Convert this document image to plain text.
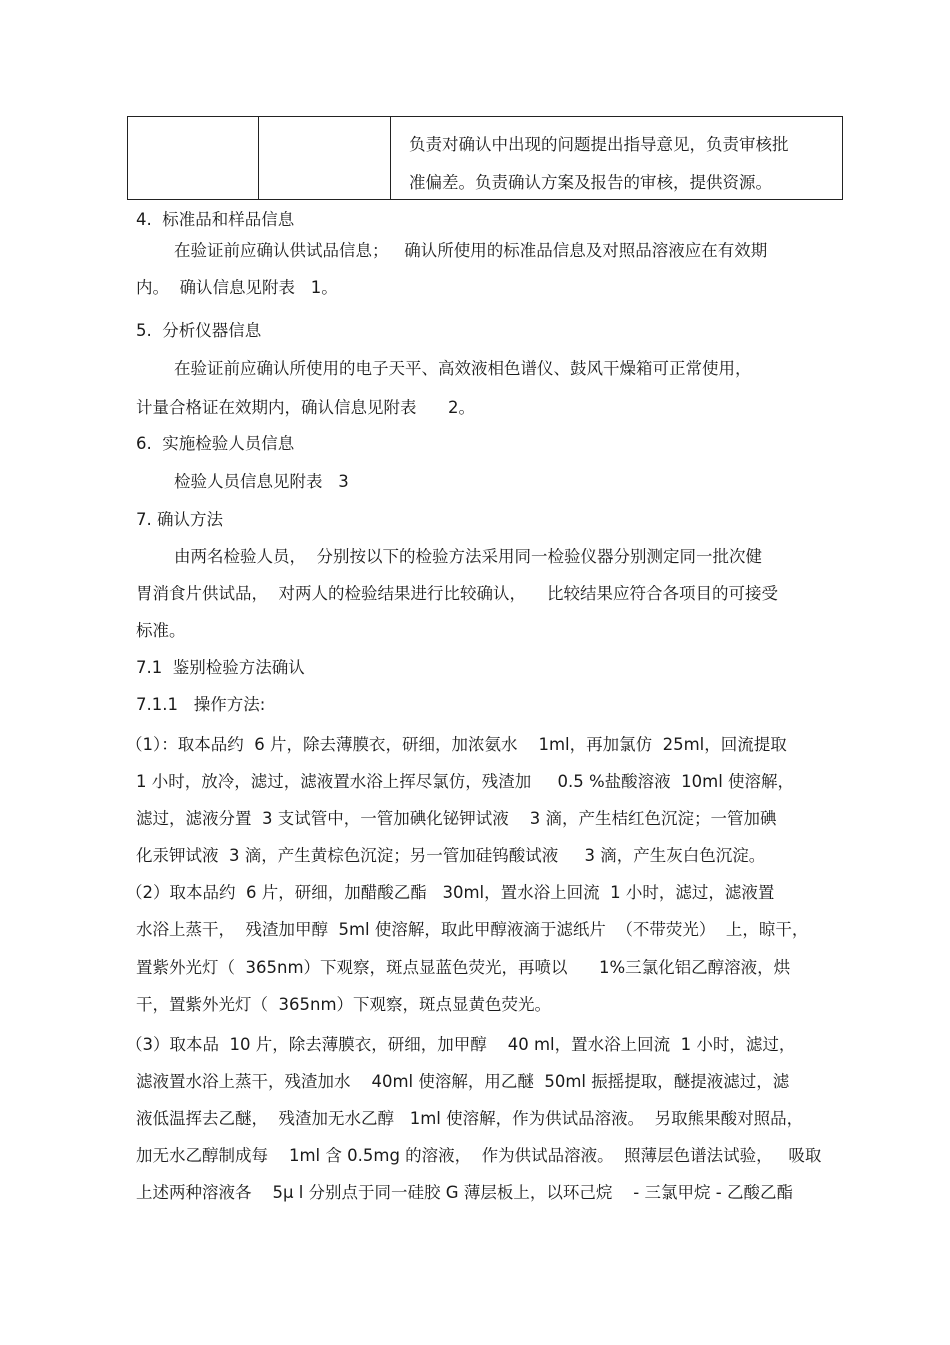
负责对确认中出现的问题提出指导意见，负责审核批
准偏差。负责确认方案及报告的审核，提供资源。
4.  标准品和样品信息
在验证前应确认供试品信息；   确认所使用的标准品信息及对照品溶液应在有效期
内。  确认信息见附表   1。
5.  分析仪器信息
在验证前应确认所使用的电子天平、高效液相色谱仪、鼓风干燥箱可正常使用，
计量合格证在效期内，确认信息见附表      2。
6.  实施检验人员信息
检验人员信息见附表   3
7. 确认方法
由两名检验人员，  分别按以下的检验方法采用同一检验仪器分别测定同一批次健
胃消食片供试品，  对两人的检验结果进行比较确认，    比较结果应符合各项目的可接受
标准。
7.1  鉴别检验方法确认
7.1.1   操作方法:
（1）：取本品约  6 片，除去薄膜衣，研细，加浓氨水    1ml，再加氯仿  25ml，回流提取
1 小时，放冷，滤过，滤液置水浴上挥尽氯仿，残渣加     0.5 %盐酸溶液  10ml 使溶解，
滤过，滤液分置  3 支试管中，一管加碘化铋钾试液    3 滴，产生桔红色沉淀；一管加碘
化汞钾试液  3 滴，产生黄棕色沉淀；另一管加硅钨酸试液     3 滴，产生灰白色沉淀。
（2）取本品约  6 片，研细，加醋酸乙酯   30ml，置水浴上回流  1 小时，滤过，滤液置
水浴上蒸干，  残渣加甲醇  5ml 使溶解，取此甲醇液滴于滤纸片  （不带荧光）  上，晾干，
置紫外光灯（  365nm）下观察，斑点显蓝色荧光，再喷以      1%三氯化铝乙醇溶液，烘
干，置紫外光灯（  365nm）下观察，斑点显黄色荧光。
（3）取本品  10 片，除去薄膜衣，研细，加甲醇    40 ml，置水浴上回流  1 小时，滤过，
滤液置水浴上蒸干，残渣加水    40ml 使溶解，用乙醚  50ml 振摇提取，醚提液滤过，滤
液低温挥去乙醚，  残渣加无水乙醇   1ml 使溶解，作为供试品溶液。  另取熊果酸对照品，
加无水乙醇制成每    1ml 含 0.5mg 的溶液，  作为供试品溶液。  照薄层色谱法试验，   吸取
上述两种溶液各    5μ l 分别点于同一硅胶 G 薄层板上，以环己烷    - 三氯甲烷 - 乙酸乙酯
